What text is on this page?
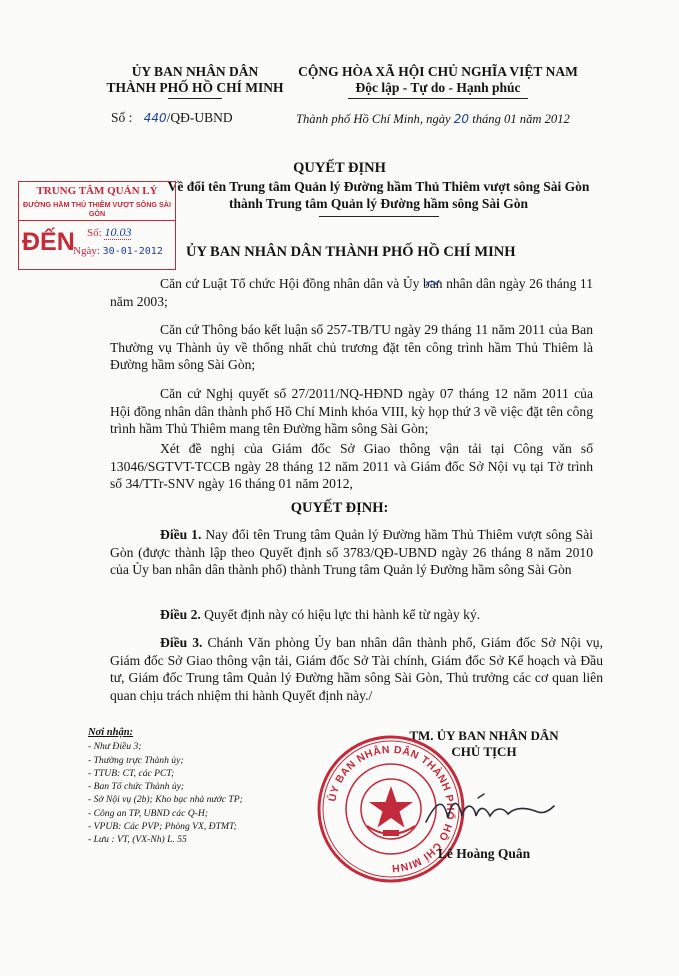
ỦY BAN NHÂN DÂN
THÀNH PHỐ HỒ CHÍ MINH
CỘNG HÒA XÃ HỘI CHỦ NGHĨA VIỆT NAM
Độc lập - Tự do - Hạnh phúc
Số : 440/QĐ-UBND	Thành phố Hồ Chí Minh, ngày 20 tháng 01 năm 2012
QUYẾT ĐỊNH
Về đổi tên Trung tâm Quản lý Đường hầm Thủ Thiêm vượt sông Sài Gòn
thành Trung tâm Quản lý Đường hầm sông Sài Gòn
TRUNG TÂM QUẢN LÝ
ĐƯỜNG HẦM THỦ THIÊM VƯỢT SÔNG SÀI GÒN
ĐẾN Số: 10.03
Ngày: 30-01-2012 ỦY BAN NHÂN DÂN THÀNH PHỐ HỒ CHÍ MINH
Căn cứ Luật Tổ chức Hội đồng nhân dân và Ủy ban nhân dân ngày 26 tháng 11 năm 2003;
Căn cứ Thông báo kết luận số 257-TB/TU ngày 29 tháng 11 năm 2011 của Ban Thường vụ Thành ủy về thống nhất chủ trương đặt tên công trình hầm Thủ Thiêm là Đường hầm sông Sài Gòn;
Căn cứ Nghị quyết số 27/2011/NQ-HĐND ngày 07 tháng 12 năm 2011 của Hội đồng nhân dân thành phố Hồ Chí Minh khóa VIII, kỳ họp thứ 3 về việc đặt tên công trình hầm Thủ Thiêm mang tên Đường hầm sông Sài Gòn;
Xét đề nghị của Giám đốc Sở Giao thông vận tải tại Công văn số 13046/SGTVT-TCCB ngày 28 tháng 12 năm 2011 và Giám đốc Sở Nội vụ tại Tờ trình số 34/TTr-SNV ngày 16 tháng 01 năm 2012,
QUYẾT ĐỊNH:
Điều 1. Nay đổi tên Trung tâm Quản lý Đường hầm Thủ Thiêm vượt sông Sài Gòn (được thành lập theo Quyết định số 3783/QĐ-UBND ngày 26 tháng 8 năm 2010 của Ủy ban nhân dân thành phố) thành Trung tâm Quản lý Đường hầm sông Sài Gòn
Điều 2. Quyết định này có hiệu lực thi hành kể từ ngày ký.
Điều 3. Chánh Văn phòng Ủy ban nhân dân thành phố, Giám đốc Sở Nội vụ, Giám đốc Sở Giao thông vận tải, Giám đốc Sở Tài chính, Giám đốc Sở Kế hoạch và Đầu tư, Giám đốc Trung tâm Quản lý Đường hầm sông Sài Gòn, Thủ trưởng các cơ quan liên quan chịu trách nhiệm thi hành Quyết định này./
Nơi nhận:
- Như Điều 3;
- Thường trực Thành ủy;
- TTUB: CT, các PCT;
- Ban Tổ chức Thành ủy;
- Sở Nội vụ (2b); Kho bạc nhà nước TP;
- Công an TP, UBND các Q-H;
- VPUB: Các PVP; Phòng VX, ĐTMT;
- Lưu : VT, (VX-Nh) L. 55
TM. ỦY BAN NHÂN DÂN
CHỦ TỊCH
ỦY BAN NHÂN DÂN THÀNH PHỐ HỒ CHÍ MINH
Lê Hoàng Quân
